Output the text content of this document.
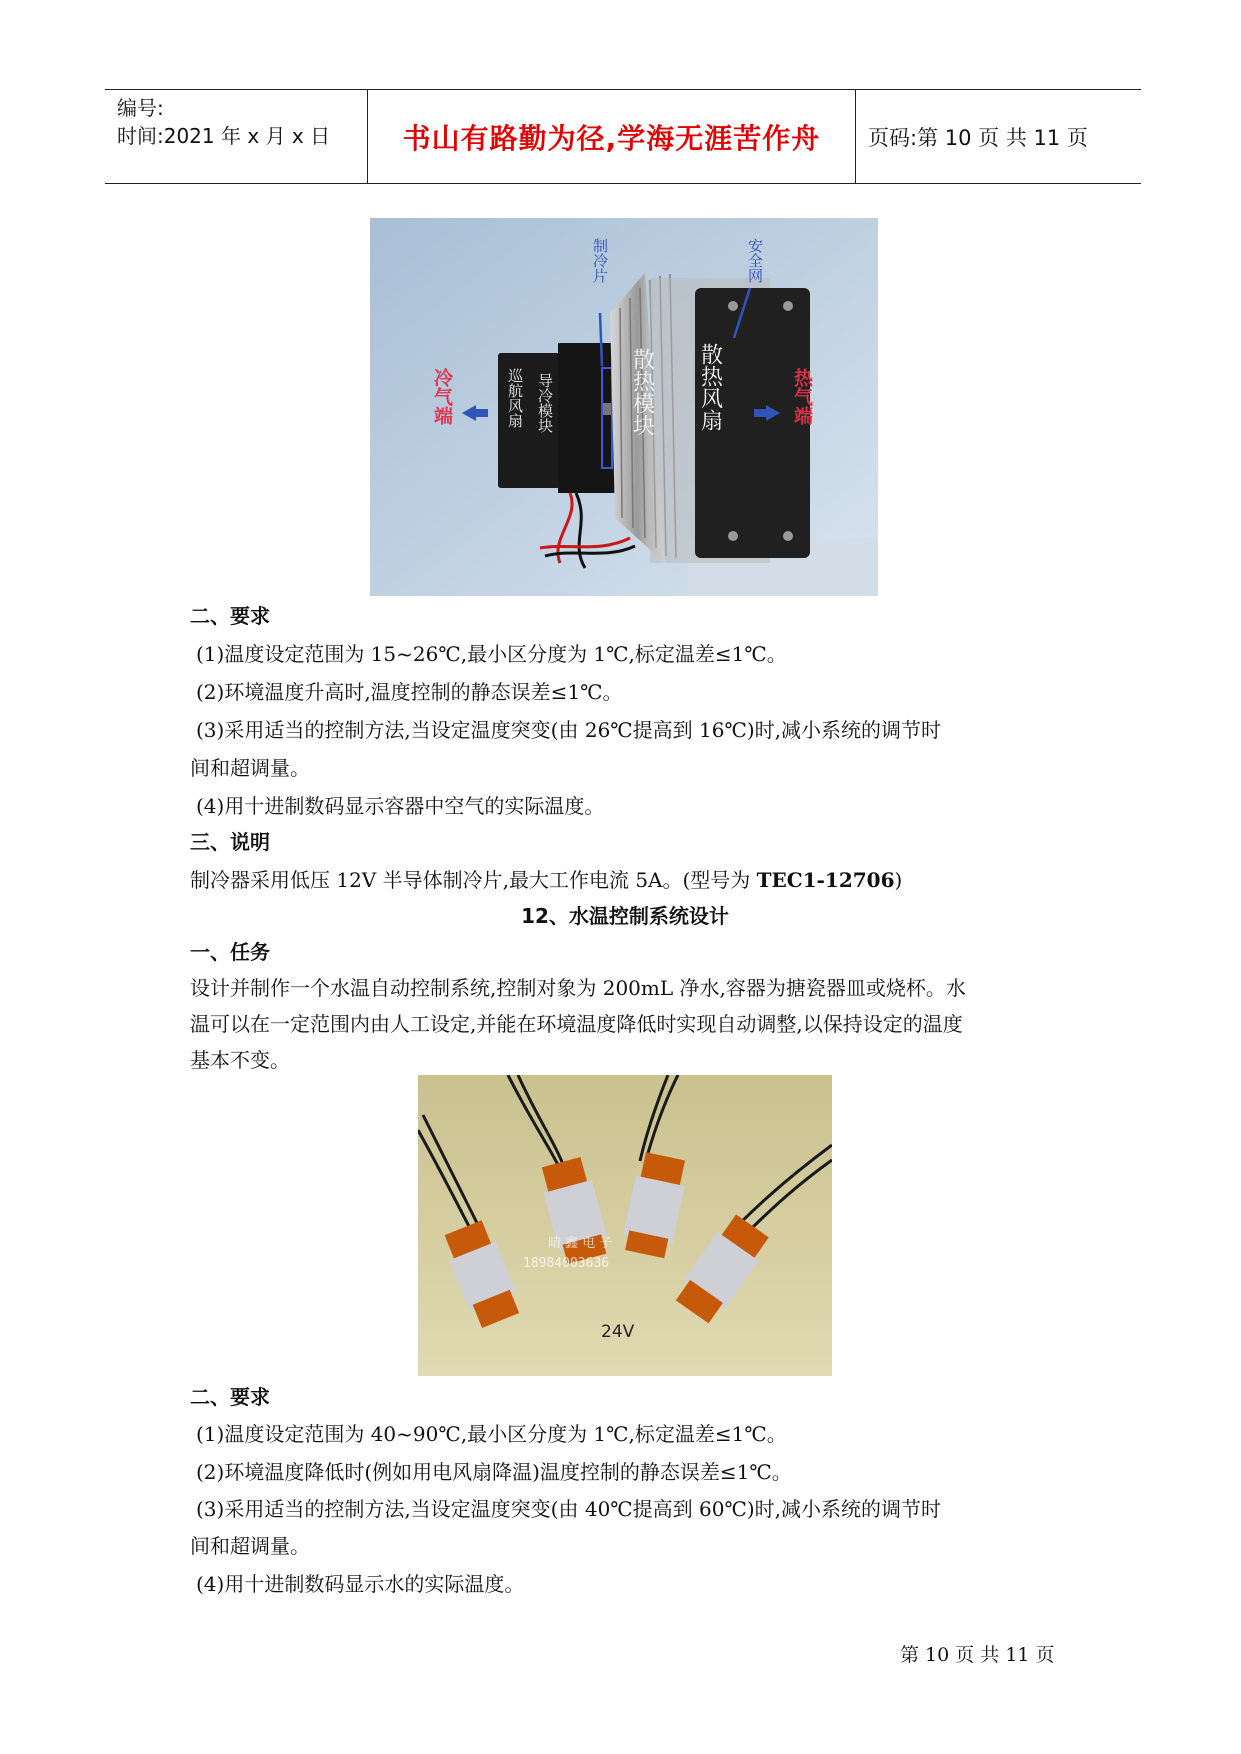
编号:
时间:2021 年 x 月 x 日	书山有路勤为径,学海无涯苦作舟 页码:第 10 页 共 11 页
冷气端	热气端
制冷片	安全网
巡航风扇 导冷模块	散热模块 散热风扇
二、要求
(1)温度设定范围为 15~26℃,最小区分度为 1℃,标定温差≤1℃。
(2)环境温度升高时,温度控制的静态误差≤1℃。
(3)采用适当的控制方法,当设定温度突变(由 26℃提高到 16℃)时,减小系统的调节时
间和超调量。
(4)用十进制数码显示容器中空气的实际温度。
三、说明
制冷器采用低压 12V 半导体制冷片,最大工作电流 5A。(型号为 TEC1-12706)
12、水温控制系统设计
一、任务
设计并制作一个水温自动控制系统,控制对象为 200mL 净水,容器为搪瓷器皿或烧杯。水
温可以在一定范围内由人工设定,并能在环境温度降低时实现自动调整,以保持设定的温度
基本不变。
晴 鑫 电 子
18984003636
24V
二、要求
(1)温度设定范围为 40~90℃,最小区分度为 1℃,标定温差≤1℃。
(2)环境温度降低时(例如用电风扇降温)温度控制的静态误差≤1℃。
(3)采用适当的控制方法,当设定温度突变(由 40℃提高到 60℃)时,减小系统的调节时
间和超调量。
(4)用十进制数码显示水的实际温度。
第 10 页 共 11 页
